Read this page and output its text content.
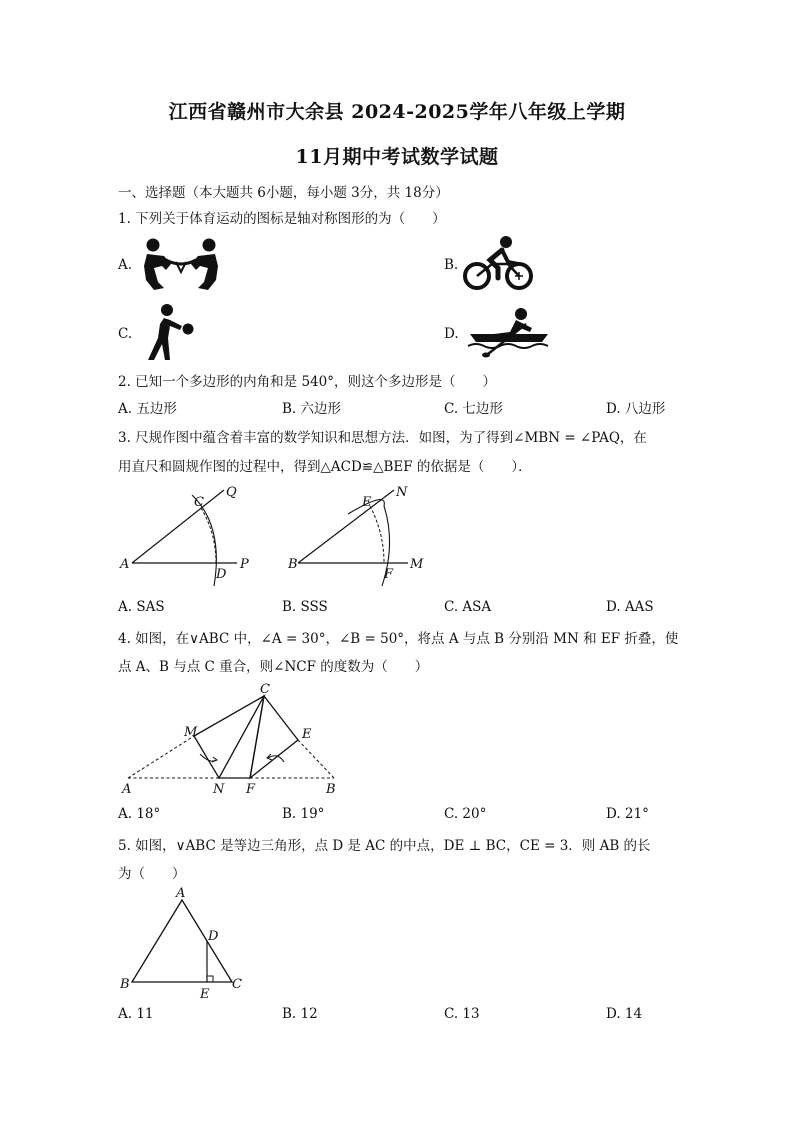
江西省赣州市大余县 2024-2025学年八年级上学期
11月期中考试数学试题
一、选择题（本大题共 6小题，每小题 3分，共 18分）
1. 下列关于体育运动的图标是轴对称图形的为（　　）
A.	B.
C.	D.
2. 已知一个多边形的内角和是 540°，则这个多边形是（　　）
A. 五边形	B. 六边形	C. 七边形	D. 八边形
3. 尺规作图中蕴含着丰富的数学知识和思想方法．如图，为了得到∠MBN = ∠PAQ，在
用直尺和圆规作图的过程中，得到△ACD≌△BEF 的依据是（　　）．
C
Q
A
D
P
E
N
B
F
M
A. SAS	B. SSS	C. ASA	D. AAS
4. 如图，在∨ABC 中，∠A = 30°，∠B = 50°，将点 A 与点 B 分别沿 MN 和 EF 折叠，使
点 A、B 与点 C 重合，则∠NCF 的度数为（　　）
C
M	E
A	N F	B
A. 18°	B. 19°	C. 20°	D. 21°
5. 如图，∨ABC 是等边三角形，点 D 是 AC 的中点，DE ⊥ BC，CE = 3．则 AB 的长
为（　　）
A
D
B
E
C
A. 11	B. 12	C. 13	D. 14
